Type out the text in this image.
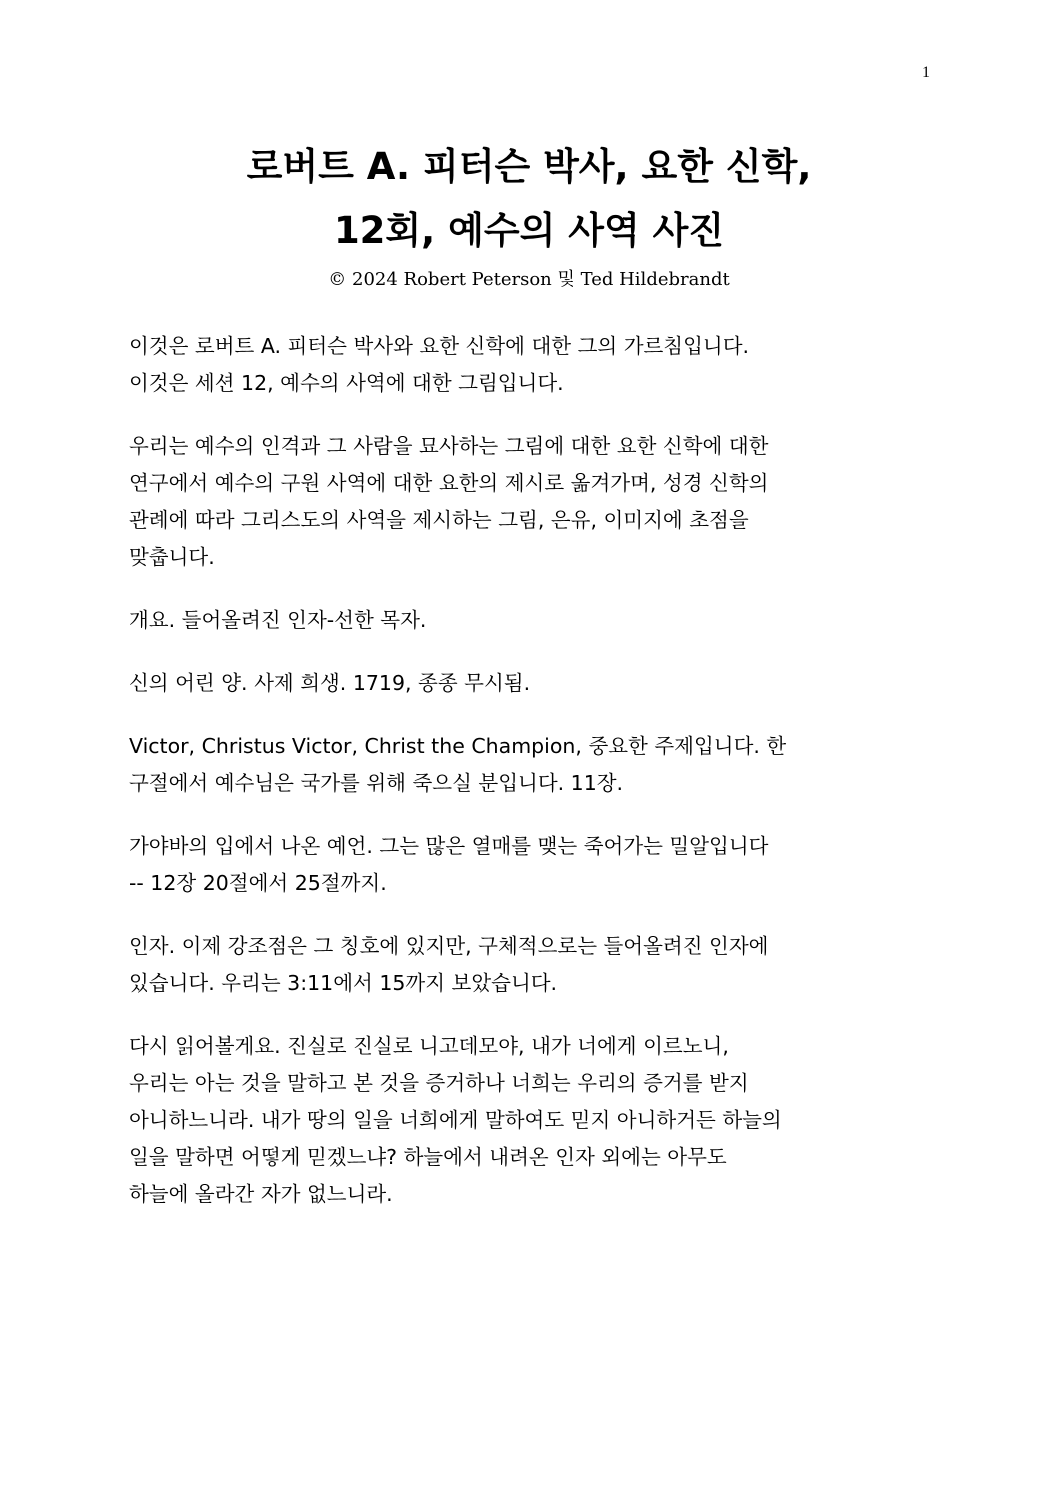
1
로버트 A. 피터슨 박사, 요한 신학,
12회, 예수의 사역 사진
© 2024 Robert Peterson 및 Ted Hildebrandt

이것은 로버트 A. 피터슨 박사와 요한 신학에 대한 그의 가르침입니다.
이것은 세션 12, 예수의 사역에 대한 그림입니다.

우리는 예수의 인격과 그 사람을 묘사하는 그림에 대한 요한 신학에 대한
연구에서 예수의 구원 사역에 대한 요한의 제시로 옮겨가며, 성경 신학의
관례에 따라 그리스도의 사역을 제시하는 그림, 은유, 이미지에 초점을
맞춥니다.

개요. 들어올려진 인자-선한 목자.

신의 어린 양. 사제 희생. 1719, 종종 무시됨.

Victor, Christus Victor, Christ the Champion, 중요한 주제입니다. 한
구절에서 예수님은 국가를 위해 죽으실 분입니다. 11장.

가야바의 입에서 나온 예언. 그는 많은 열매를 맺는 죽어가는 밀알입니다
-- 12장 20절에서 25절까지.

인자. 이제 강조점은 그 칭호에 있지만, 구체적으로는 들어올려진 인자에
있습니다. 우리는 3:11에서 15까지 보았습니다.

다시 읽어볼게요. 진실로 진실로 니고데모야, 내가 너에게 이르노니,
우리는 아는 것을 말하고 본 것을 증거하나 너희는 우리의 증거를 받지
아니하느니라. 내가 땅의 일을 너희에게 말하여도 믿지 아니하거든 하늘의
일을 말하면 어떻게 믿겠느냐? 하늘에서 내려온 인자 외에는 아무도
하늘에 올라간 자가 없느니라.
